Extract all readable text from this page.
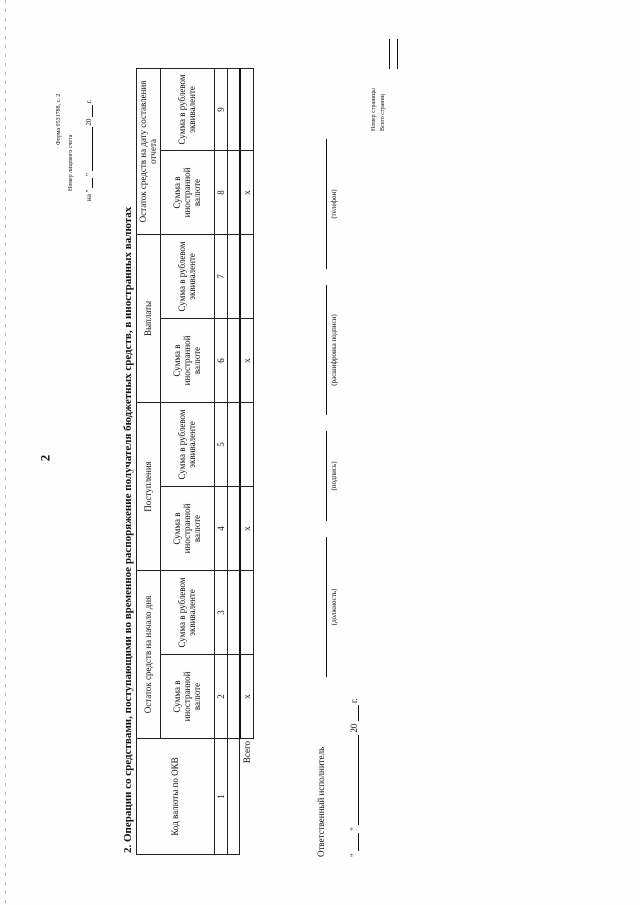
2
Форма 0531788, с. 2
Номер лицевого счета
на "  "  20  г.
2. Операции со средствами, поступающими во временное распоряжение получателя бюджетных средств, в иностранных валютах	Код валюты по ОКВ	Остаток средств на начало дня		Поступления		Выплаты		Остаток средств на дату составления отчета	
	Сумма в иностранной валюте	Сумма в рублевом эквиваленте	Сумма в иностранной валюте	Сумма в рублевом эквиваленте	Сумма в иностранной валюте	Сумма в рублевом эквиваленте	Сумма в иностранной валюте	Сумма в рублевом эквиваленте
1	2	3	4	5	6	7	8	9

Всего	x		x		x		x	
Ответственный исполнитель
(должность)
(подпись)
(расшифровка подписи)
(телефон)
"  "  20  г.
Номер страницы Всего страниц
